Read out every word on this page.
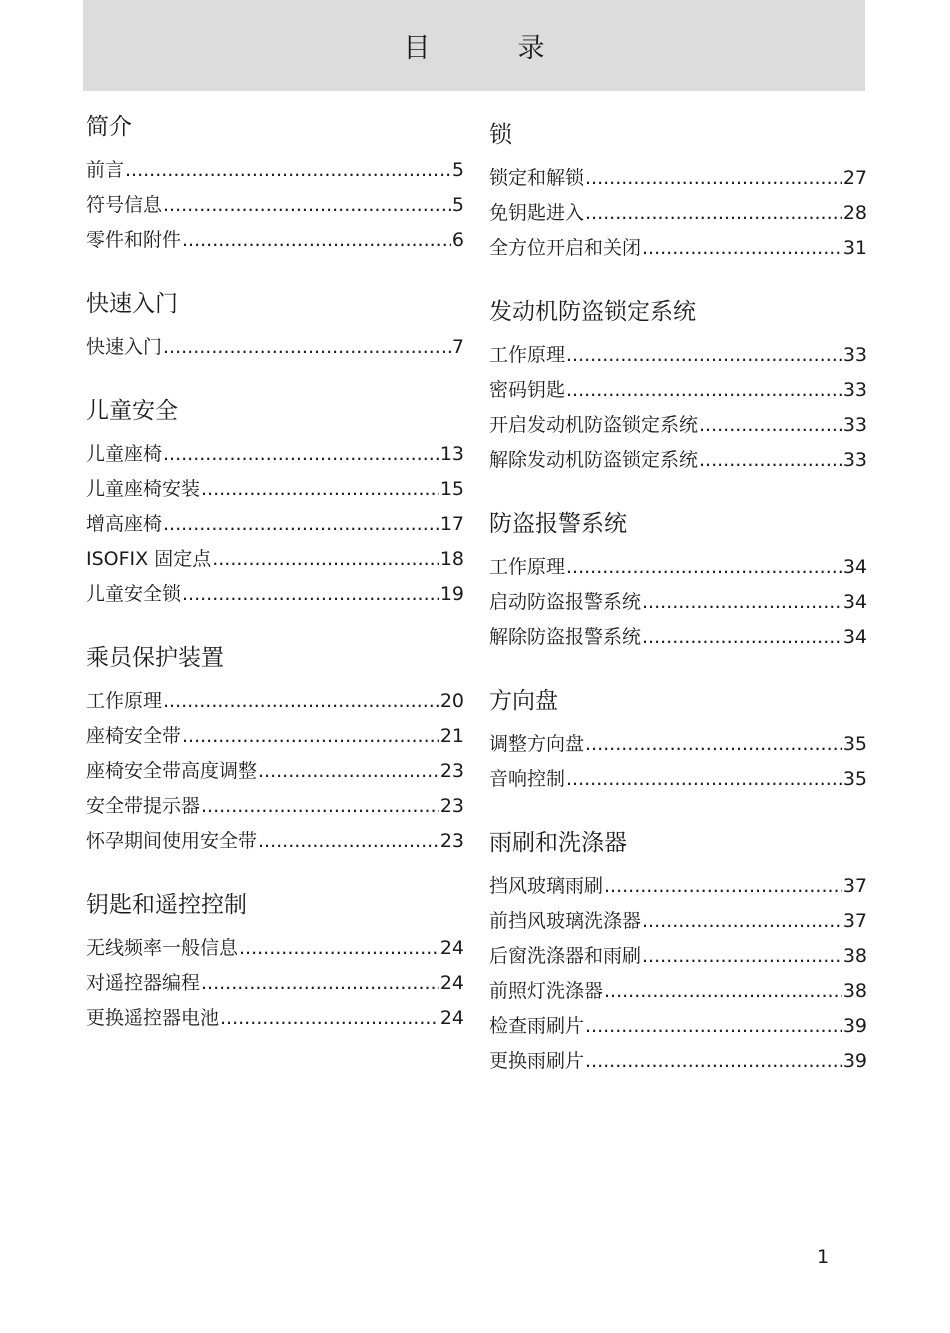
目　录
简介
前言 .....	5
符号信息 .....	5
零件和附件 .....	6
快速入门
快速入门 .....	7
儿童安全
儿童座椅 .....	13
儿童座椅安装 .....	15
增高座椅 .....	17
ISOFIX 固定点 .....	18
儿童安全锁 .....	19
乘员保护装置
工作原理 .....	20
座椅安全带 .....	21
座椅安全带高度调整 .....	23
安全带提示器 .....	23
怀孕期间使用安全带 .....	23
钥匙和遥控控制
无线频率一般信息 .....	24
对遥控器编程 .....	24
更换遥控器电池 .....	24
锁
锁定和解锁 .....	27
免钥匙进入 .....	28
全方位开启和关闭 .....	31
发动机防盗锁定系统
工作原理 .....	33
密码钥匙 .....	33
开启发动机防盗锁定系统 .....	33
解除发动机防盗锁定系统 .....	33
防盗报警系统
工作原理 .....	34
启动防盗报警系统 .....	34
解除防盗报警系统 .....	34
方向盘
调整方向盘 .....	35
音响控制 .....	35
雨刷和洗涤器
挡风玻璃雨刷 .....	37
前挡风玻璃洗涤器 .....	37
后窗洗涤器和雨刷 .....	38
前照灯洗涤器 .....	38
检查雨刷片 .....	39
更换雨刷片 .....	39
1
